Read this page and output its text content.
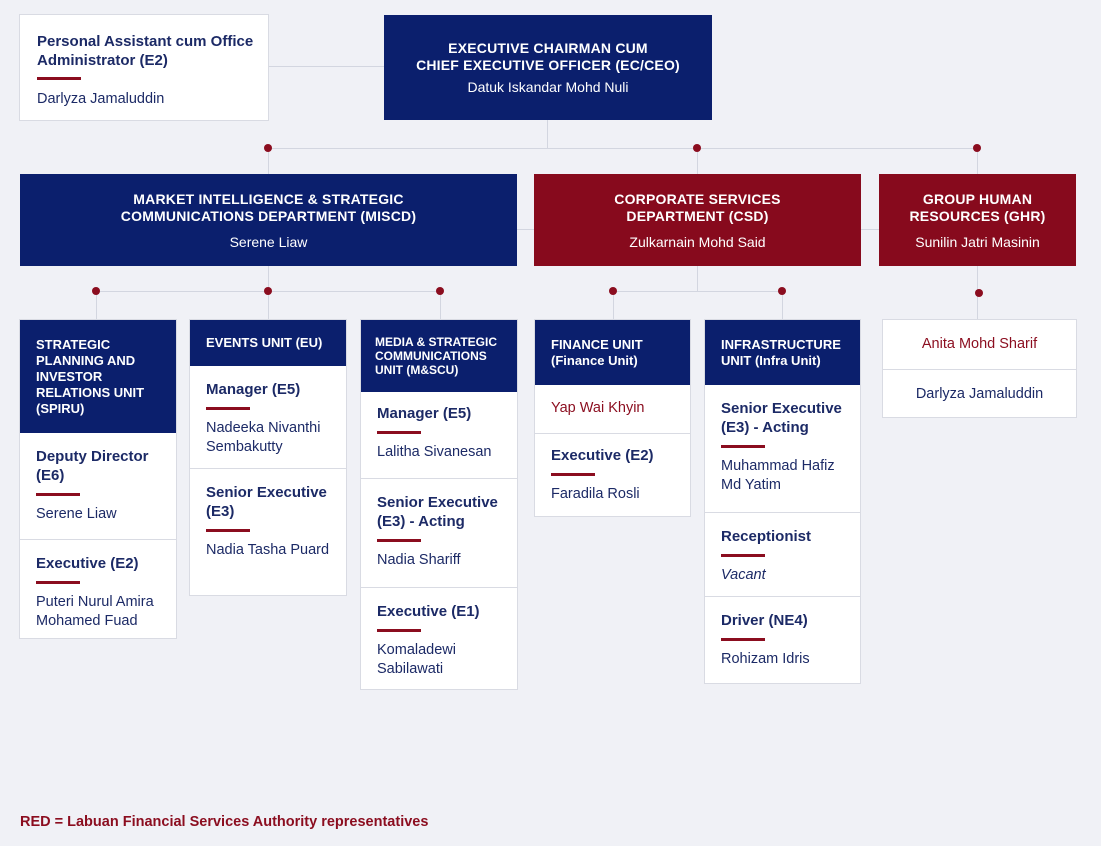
Personal Assistant cum Office Administrator (E2)
Darlyza Jamaluddin
EXECUTIVE CHAIRMAN CUM
CHIEF EXECUTIVE OFFICER (EC/CEO)
Datuk Iskandar Mohd Nuli
MARKET INTELLIGENCE & STRATEGIC
COMMUNICATIONS DEPARTMENT (MISCD)
Serene Liaw
CORPORATE SERVICES
DEPARTMENT (CSD)
Zulkarnain Mohd Said
GROUP HUMAN
RESOURCES (GHR)
Sunilin Jatri Masinin
STRATEGIC PLANNING AND INVESTOR RELATIONS UNIT (SPIRU)
Deputy Director (E6)
Serene Liaw
Executive (E2)
Puteri Nurul Amira Mohamed Fuad
EVENTS UNIT (EU)
Manager (E5)
Nadeeka Nivanthi Sembakutty
Senior Executive (E3)
Nadia Tasha Puard
MEDIA & STRATEGIC COMMUNICATIONS UNIT (M&SCU)
Manager (E5)
Lalitha Sivanesan
Senior Executive (E3) - Acting
Nadia Shariff
Executive (E1)
Komaladewi Sabilawati
FINANCE UNIT (Finance Unit)
Yap Wai Khyin
Executive (E2)
Faradila Rosli
INFRASTRUCTURE UNIT (Infra Unit)
Senior Executive (E3) - Acting
Muhammad Hafiz Md Yatim
Receptionist
Vacant
Driver (NE4)
Rohizam Idris
Anita Mohd Sharif
Darlyza Jamaluddin
RED = Labuan Financial Services Authority representatives
